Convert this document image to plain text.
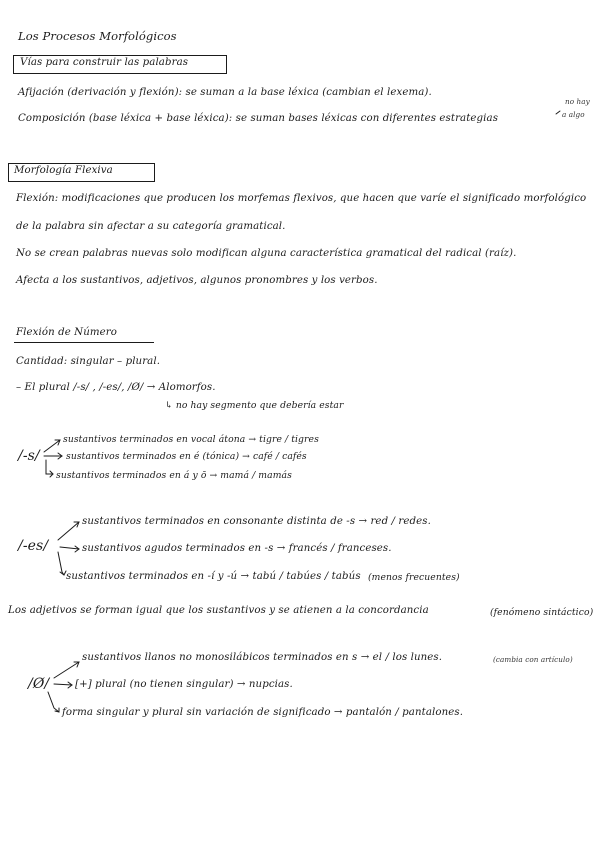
Los Procesos Morfológicos
Vías para construir las palabras
Afijación (derivación y flexión): se suman a la base léxica (cambian el lexema).
Composición (base léxica + base léxica): se suman bases léxicas con diferentes estrategias
no hay
a algo
Morfología Flexiva
Flexión: modificaciones que producen los morfemas flexivos, que hacen que varíe el significado morfológico
de la palabra sin afectar a su categoría gramatical.
No se crean palabras nuevas solo modifican alguna característica gramatical del radical (raíz).
Afecta a los sustantivos, adjetivos, algunos pronombres y los verbos.
Flexión de Número
Cantidad: singular – plural.
– El plural /-s/ , /-es/, /Ø/ → Alomorfos.
↳ no hay segmento que debería estar
/-s/
sustantivos terminados en vocal átona → tigre / tigres
sustantivos terminados en é (tónica) → café / cafés
sustantivos terminados en á y ō → mamá / mamás
/-es/
sustantivos terminados en consonante distinta de -s → red / redes.
sustantivos agudos terminados en -s → francés / franceses.
sustantivos terminados en -í y -ú → tabú / tabúes / tabús (menos frecuentes)
Los adjetivos se forman igual que los sustantivos y se atienen a la concordancia	(fenómeno sintáctico)
/Ø/
sustantivos llanos no monosilábicos terminados en s → el / los lunes.	(cambia con artículo)
[+] plural (no tienen singular) → nupcias.
forma singular y plural sin variación de significado → pantalón / pantalones.
